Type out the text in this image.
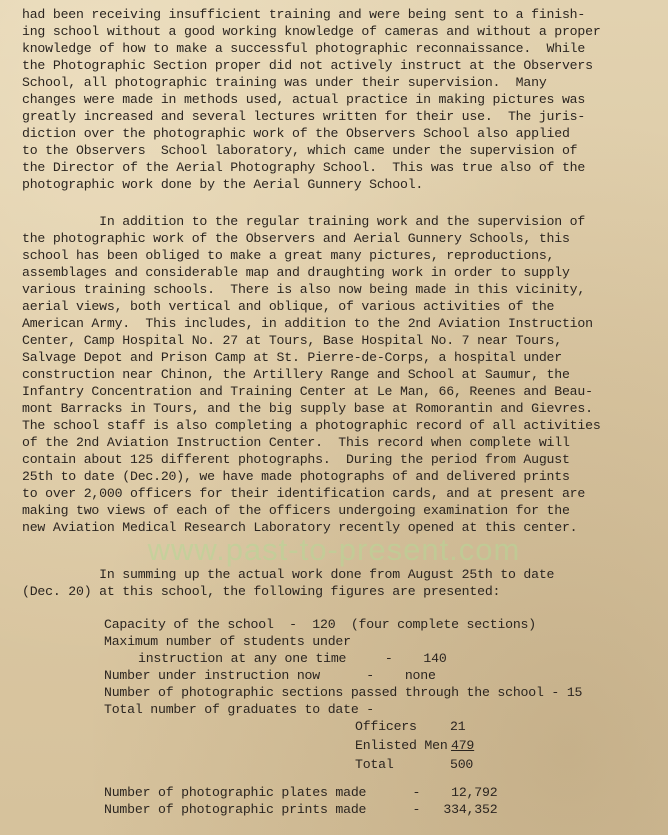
had been receiving insufficient training and were being sent to a finish-
ing school without a good working knowledge of cameras and without a proper
knowledge of how to make a successful photographic reconnaissance.  While
the Photographic Section proper did not actively instruct at the Observers
School, all photographic training was under their supervision.  Many
changes were made in methods used, actual practice in making pictures was
greatly increased and several lectures written for their use.  The juris-
diction over the photographic work of the Observers School also applied
to the Observers  School laboratory, which came under the supervision of
the Director of the Aerial Photography School.  This was true also of the
photographic work done by the Aerial Gunnery School.
In addition to the regular training work and the supervision of
the photographic work of the Observers and Aerial Gunnery Schools, this
school has been obliged to make a great many pictures, reproductions,
assemblages and considerable map and draughting work in order to supply
various training schools.  There is also now being made in this vicinity,
aerial views, both vertical and oblique, of various activities of the
American Army.  This includes, in addition to the 2nd Aviation Instruction
Center, Camp Hospital No. 27 at Tours, Base Hospital No. 7 near Tours,
Salvage Depot and Prison Camp at St. Pierre-de-Corps, a hospital under
construction near Chinon, the Artillery Range and School at Saumur, the
Infantry Concentration and Training Center at Le Man, 66, Reenes and Beau-
mont Barracks in Tours, and the big supply base at Romorantin and Gievres.
The school staff is also completing a photographic record of all activities
of the 2nd Aviation Instruction Center.  This record when complete will
contain about 125 different photographs.  During the period from August
25th to date (Dec.20), we have made photographs of and delivered prints
to over 2,000 officers for their identification cards, and at present are
making two views of each of the officers undergoing examination for the
new Aviation Medical Research Laboratory recently opened at this center.
www.past-to-present.com
In summing up the actual work done from August 25th to date
(Dec. 20) at this school, the following figures are presented:
Capacity of the school  -  120  (four complete sections)
Maximum number of students under
instruction at any one time     -    140
Number under instruction now      -    none
Number of photographic sections passed through the school - 15
Total number of graduates to date -
Officers	21
Enlisted Men 479
Total	500
Number of photographic plates made      -    12,792
Number of photographic prints made      -   334,352
